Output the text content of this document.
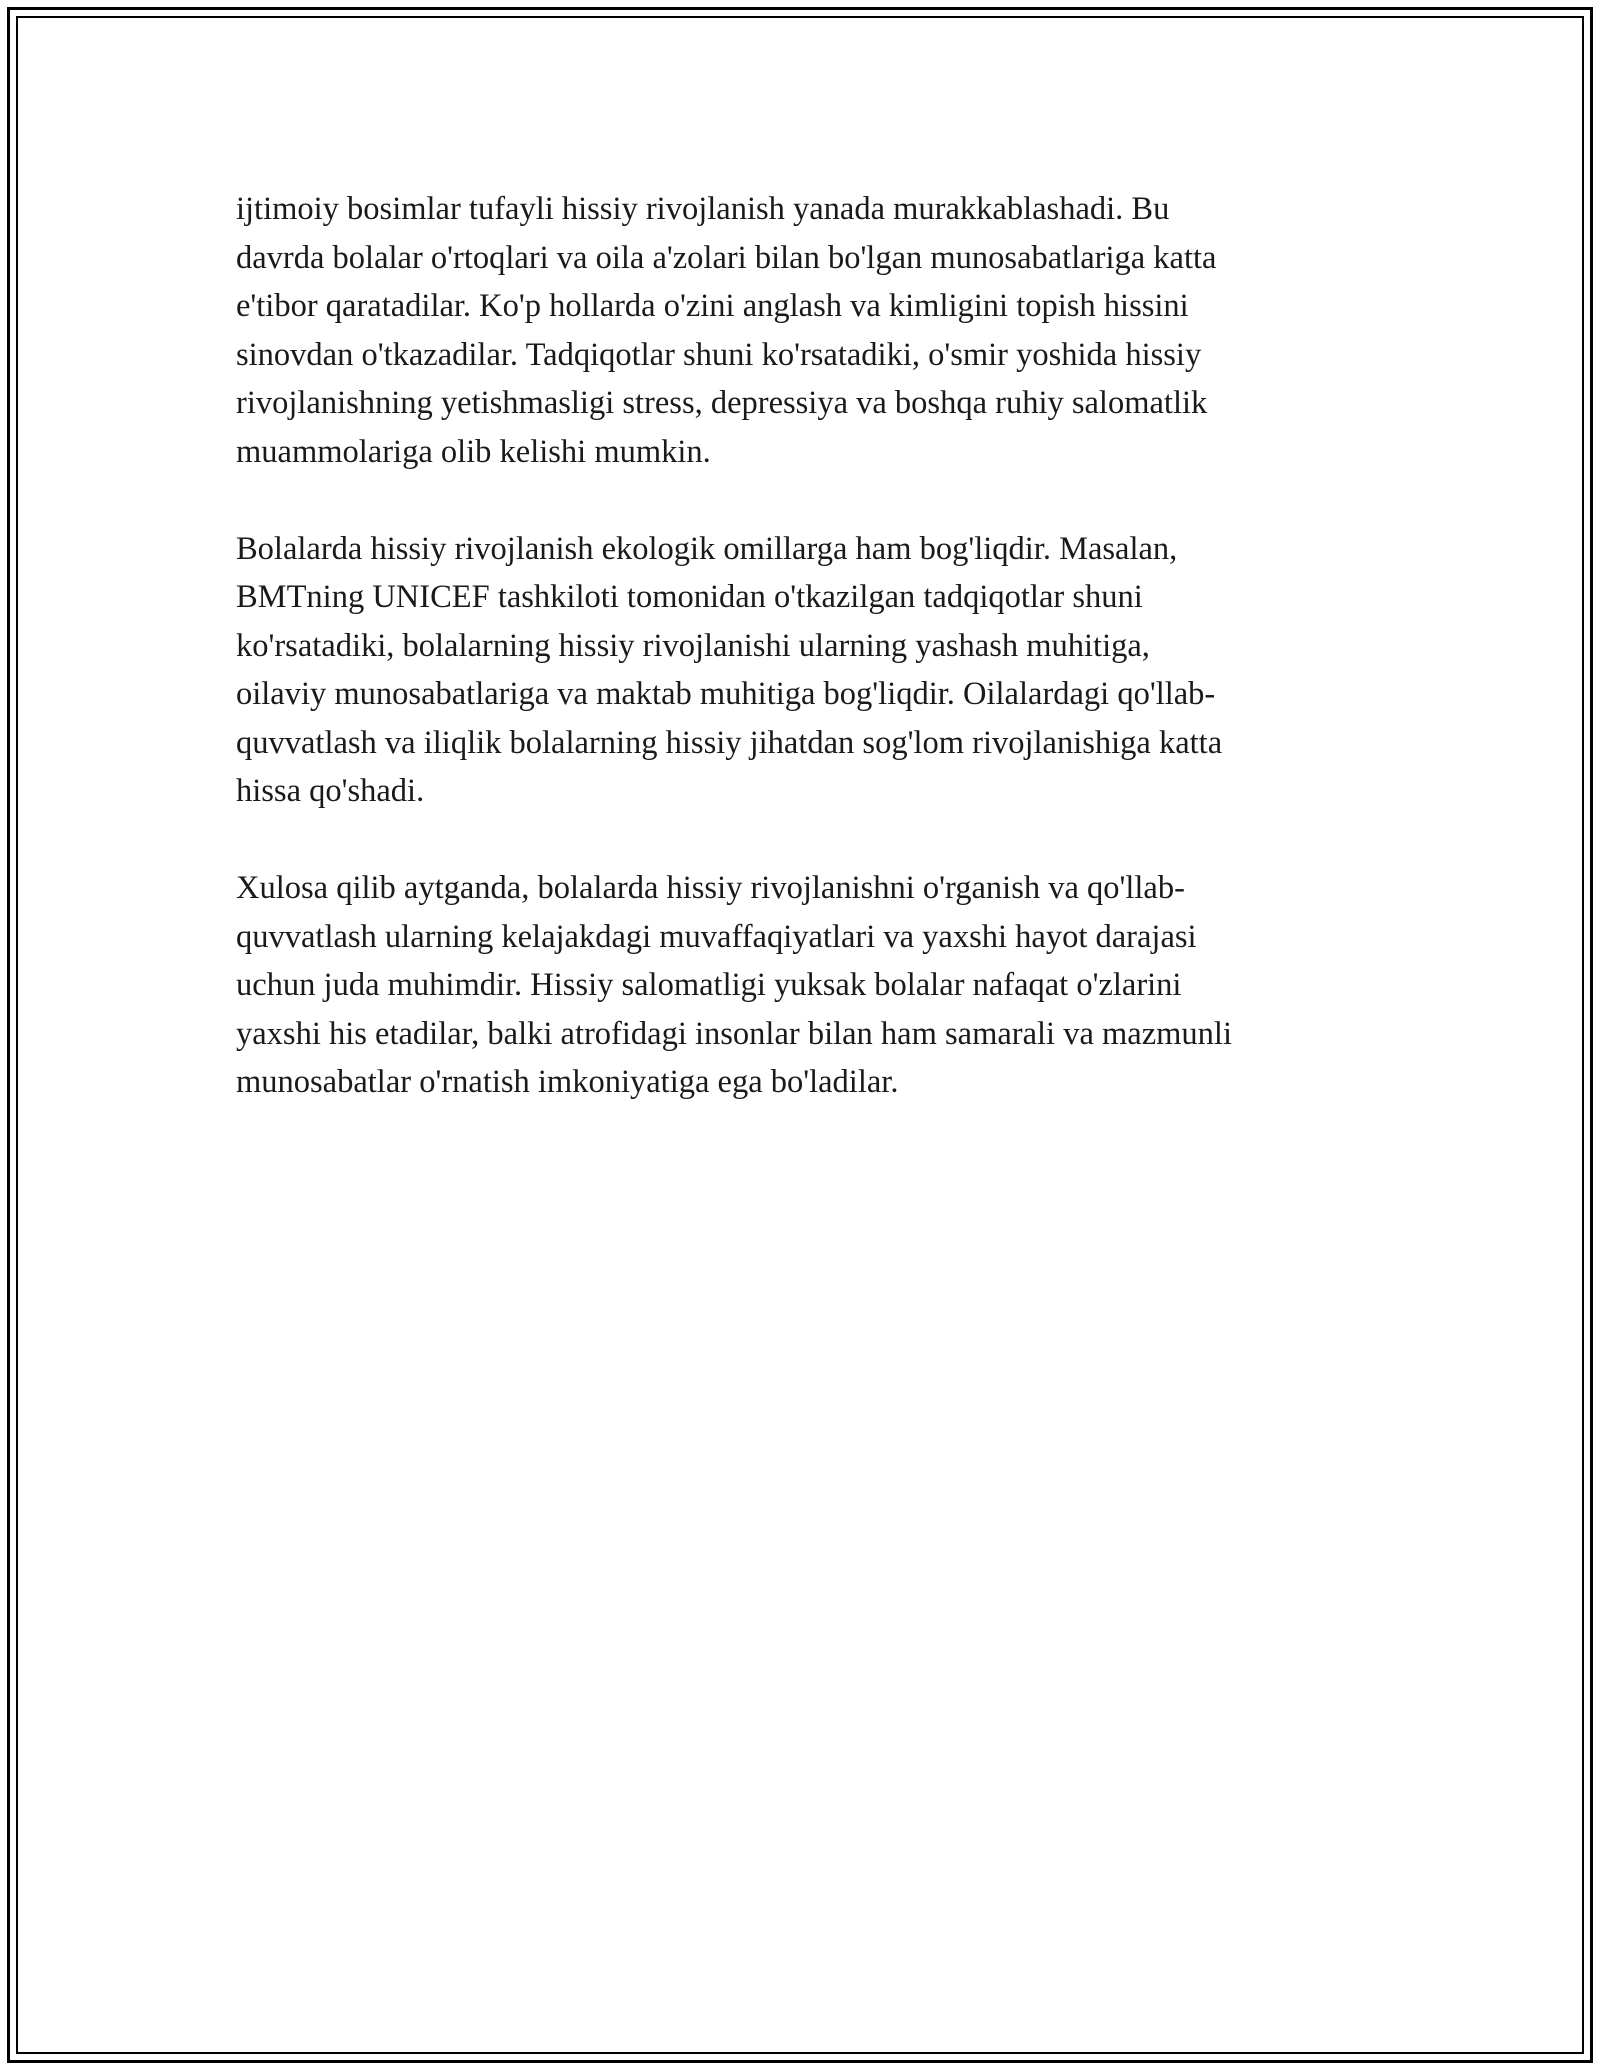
ijtimoiy bosimlar tufayli hissiy rivojlanish yanada murakkablashadi. Bu
davrda bolalar o'rtoqlari va oila a'zolari bilan bo'lgan munosabatlariga katta
e'tibor qaratadilar. Ko'p hollarda o'zini anglash va kimligini topish hissini
sinovdan o'tkazadilar. Tadqiqotlar shuni ko'rsatadiki, o'smir yoshida hissiy
rivojlanishning yetishmasligi stress, depressiya va boshqa ruhiy salomatlik
muammolariga olib kelishi mumkin.

Bolalarda hissiy rivojlanish ekologik omillarga ham bog'liqdir. Masalan,
BMTning UNICEF tashkiloti tomonidan o'tkazilgan tadqiqotlar shuni
ko'rsatadiki, bolalarning hissiy rivojlanishi ularning yashash muhitiga,
oilaviy munosabatlariga va maktab muhitiga bog'liqdir. Oilalardagi qo'llab-
quvvatlash va iliqlik bolalarning hissiy jihatdan sog'lom rivojlanishiga katta
hissa qo'shadi.

Xulosa qilib aytganda, bolalarda hissiy rivojlanishni o'rganish va qo'llab-
quvvatlash ularning kelajakdagi muvaffaqiyatlari va yaxshi hayot darajasi
uchun juda muhimdir. Hissiy salomatligi yuksak bolalar nafaqat o'zlarini
yaxshi his etadilar, balki atrofidagi insonlar bilan ham samarali va mazmunli
munosabatlar o'rnatish imkoniyatiga ega bo'ladilar.
